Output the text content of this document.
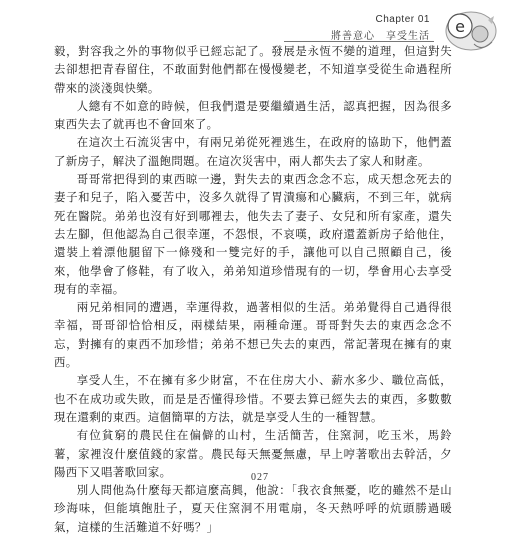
Chapter 01
將善意心　享受生活
e

毅，對容我之外的事物似乎已經忘記了。發展是永恆不變的道理，但這對失去卻想把青春留住，不敢面對他們都在慢慢變老，不知道享受從生命過程所帶來的淡淺與快樂。

人總有不如意的時候，但我們還是要繼續過生活，認真把握，因為很多東西失去了就再也不會回來了。

在這次土石流災害中，有兩兄弟從死裡逃生，在政府的協助下，他們蓋了新房子，解決了溫飽問題。在這次災害中，兩人都失去了家人和財產。

哥哥常把得到的東西晾一邊，對失去的東西念念不忘，成天想念死去的妻子和兒子，陷入憂苦中，沒多久就得了胃潰瘍和心臟病，不到三年，就病死在醫院。弟弟也沒有好到哪裡去，他失去了妻子、女兒和所有家產，還失去左腳，但他認為自己很幸運，不怨恨，不哀嘆，政府還蓋新房子給他住，還裝上着漂他腿留下一條殘和一雙完好的手，讓他可以自己照顧自己，後來，他學會了修鞋，有了收入，弟弟知道珍惜現有的一切，學會用心去享受現有的幸福。

兩兄弟相同的遭遇，幸運得救，過著相似的生活。弟弟覺得自己過得很幸福，哥哥卻恰恰相反，兩樣結果，兩種命運。哥哥對失去的東西念念不忘，對擁有的東西不加珍惜；弟弟不想已失去的東西，常記著現在擁有的東西。

享受人生，不在擁有多少財富，不在住房大小、薪水多少、職位高低，也不在成功或失敗，而是是否懂得珍惜。不要去算已經失去的東西，多數數現在還剩的東西。這個簡單的方法，就是享受人生的一種智慧。

有位貧窮的農民住在偏僻的山村，生活簡苦，住窯洞，吃玉米，馬鈴薯，家裡沒什麼值錢的家當。農民每天無憂無慮，早上哼著歌出去幹活，夕陽西下又唱著歌回家。

別人問他為什麼每天都這麼高興，他說：「我衣食無憂，吃的雖然不是山珍海味，但能填飽肚子，夏天住窯洞不用電扇，冬天熱呼呼的炕頭勝過暖氣，這樣的生活難道不好嗎？」

027
